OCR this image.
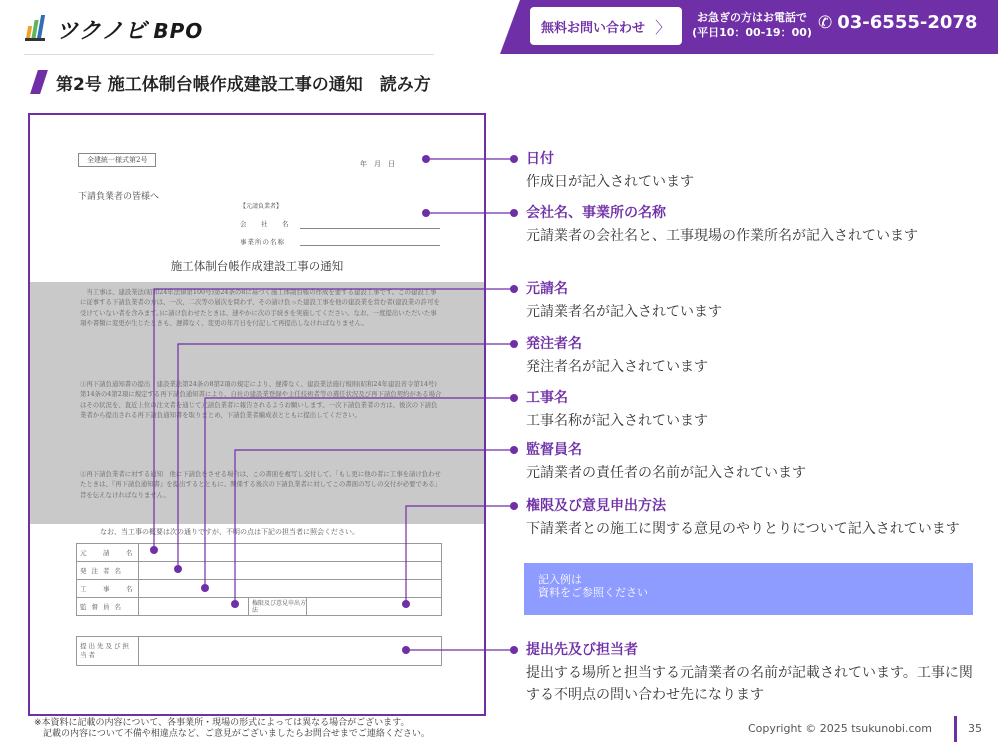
ツクノビ BPO	無料お問い合わせ 〉	お急ぎの方はお電話で
(平日10：00-19：00) ✆ 03-6555-2078
第2号 施工体制台帳作成建設工事の通知　読み方
全建統一様式第2号	年　月　日
下請負業者の皆様へ
【元請負業者】
会　社　名
事業所の名称
施工体制台帳作成建設工事の通知
　当工事は、建設業法(昭和24年法律第100号)第24条の8に基づく施工体制台帳の作成を要する建設工事です。この建設工事に従事する下請負業者の方は、一次、二次等の層次を問わず、その請け負った建設工事を他の建設業を営む者(建設業の許可を受けていない者を含みます。)に請け負わせたときは、速やかに次の手続きを実施してください。なお、一度提出いただいた事項や書類に変更が生じたときも、遅滞なく、変更の年月日を付記して再提出しなければなりません。
①再下請負通知書の提出　建設業法第24条の8第2項の規定により、遅滞なく、建設業法施行規則(昭和24年建設省令第14号)第14条の4第2項に規定する再下請負通知書により、自社の建設業登録や主任技術者等の選任状況及び再下請負契約がある場合はその状況を、直近上位の注文者を通じて元請負業者に報告されるようお願いします。一次下請負業者の方は、後次の下請負業者から提出される再下請負通知書を取りまとめ、下請負業者編成表とともに提出してください。
②再下請負業者に対する通知　他に下請負をさせる場合は、この書面を複写し交付して、「もし更に他の者に工事を請け負わせたときは、『再下請負通知書』を提出するとともに、関係する後次の下請負業者に対してこの書面の写しの交付が必要である」旨を伝えなければなりません。
なお、当工事の概要は次の通りですが、不明の点は下記の担当者に照会ください。
元　請　名			
発注者名			
工　事　名			
監督員名		権限及び意見申出方法	
提出先及び担当者
日付
作成日が記入されています
会社名、事業所の名称
元請業者の会社名と、工事現場の作業所名が記入されています
元請名
元請業者名が記入されています
発注者名
発注者名が記入されています
工事名
工事名称が記入されています
監督員名
元請業者の責任者の名前が記入されています
権限及び意見申出方法
下請業者との施工に関する意見のやりとりについて記入されています
記入例は
資料をご参照ください
提出先及び担当者
提出する場所と担当する元請業者の名前が記載されています。工事に関する不明点の問い合わせ先になります
※本資料に記載の内容について、各事業所・現場の形式によっては異なる場合がございます。
　記載の内容について不備や相違点など、ご意見がございましたらお問合せまでご連絡ください。	Copyright © 2025 tsukunobi.com	35
